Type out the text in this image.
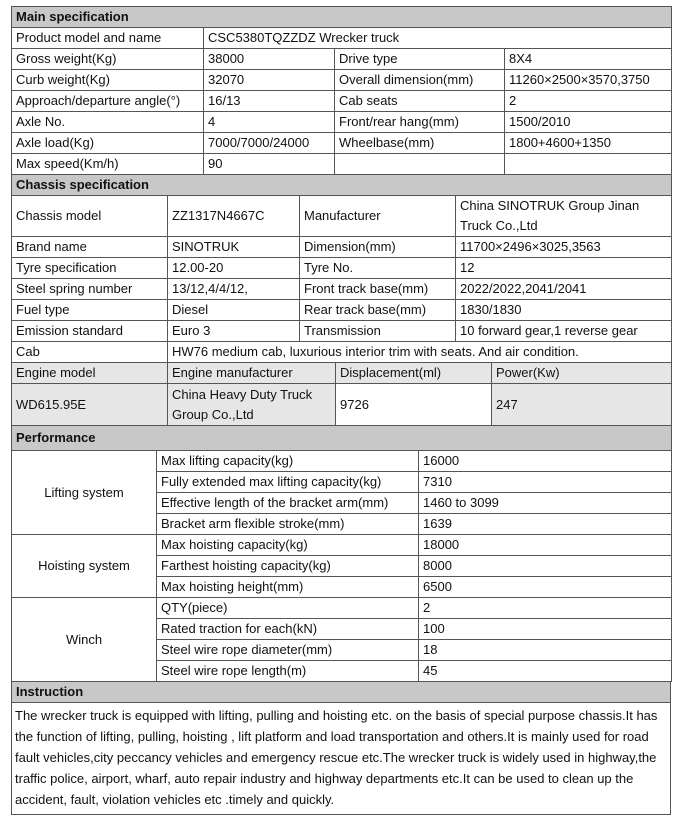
Main specification			
Product model and name	CSC5380TQZZDZ Wrecker truck		
Gross weight(Kg)	38000	Drive type	8X4
Curb weight(Kg)	32070	Overall dimension(mm)	11260×2500×3570,3750
Approach/departure angle(°)	16/13	Cab seats	2
Axle No.	4	Front/rear hang(mm)	1500/2010
Axle load(Kg)	7000/7000/24000	Wheelbase(mm)	1800+4600+1350
Max speed(Km/h)	90		
Chassis specification			
Chassis model	ZZ1317N4667C	Manufacturer	China SINOTRUK Group Jinan Truck Co.,Ltd
Brand name	SINOTRUK	Dimension(mm)	11700×2496×3025,3563
Tyre specification	12.00-20	Tyre No.	12
Steel spring number	13/12,4/4/12,	Front track base(mm)	2022/2022,2041/2041
Fuel type	Diesel	Rear track base(mm)	1830/1830
Emission standard	Euro 3	Transmission	10 forward gear,1 reverse gear
Cab	HW76 medium cab, luxurious interior trim with seats. And air condition.		
Engine model	Engine manufacturer	Displacement(ml)	Power(Kw)
WD615.95E	China Heavy Duty Truck Group Co.,Ltd	9726	247
Performance		
Lifting system	Max lifting capacity(kg)	16000
	Fully extended max lifting capacity(kg)	7310
	Effective length of the bracket arm(mm)	1460 to 3099
	Bracket arm flexible stroke(mm)	1639
Hoisting system	Max hoisting capacity(kg)	18000
	Farthest hoisting capacity(kg)	8000
	Max hoisting height(mm)	6500
Winch	QTY(piece)	2
	Rated traction for each(kN)	100
	Steel wire rope diameter(mm)	18
	Steel wire rope length(m)	45
Instruction
The wrecker truck is equipped with lifting, pulling and hoisting etc. on the basis of special purpose chassis.It has the function of lifting, pulling, hoisting , lift platform and load transportation and others.It is mainly used for road fault vehicles,city peccancy vehicles and emergency rescue etc.The wrecker truck is widely used in highway,the traffic police, airport, wharf, auto repair industry and highway departments etc.It can be used to clean up the accident, fault, violation vehicles etc .timely and quickly.
